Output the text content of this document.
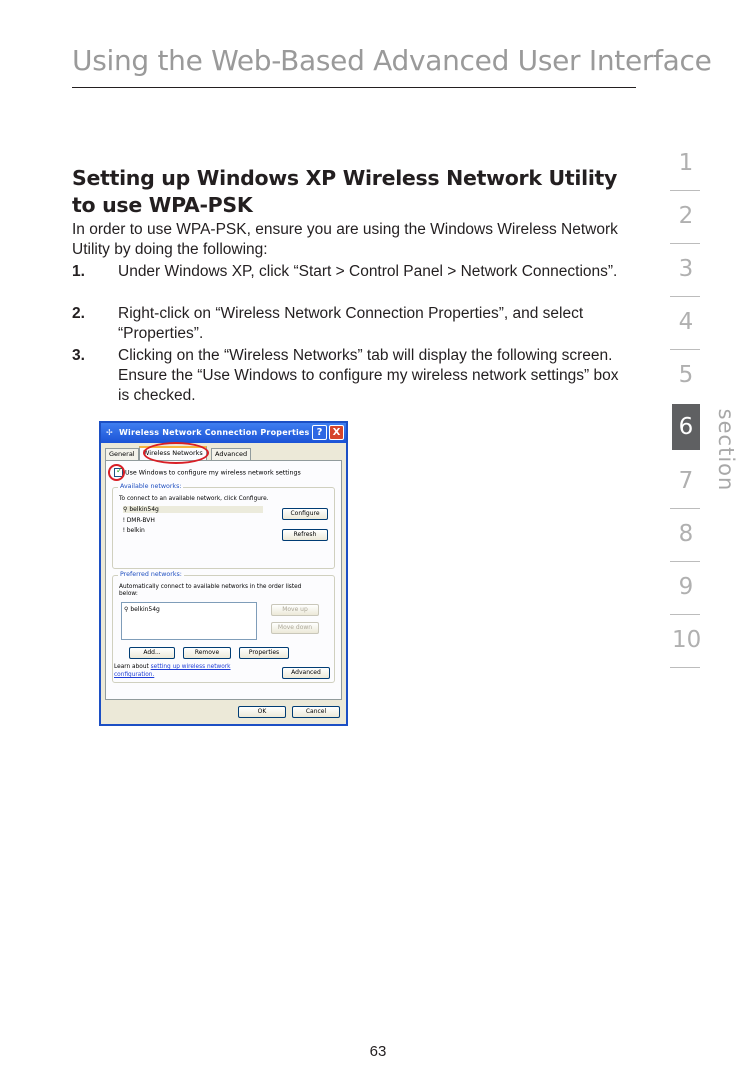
Using the Web-Based Advanced User Interface
Setting up Windows XP Wireless Network Utility to use WPA-PSK
In order to use WPA-PSK, ensure you are using the Windows Wireless Network Utility by doing the following:
1. Under Windows XP, click “Start > Control Panel > Network Connections”.
2. Right-click on “Wireless Network Connection Properties”, and select “Properties”.
3. Clicking on the “Wireless Networks” tab will display the following screen. Ensure the “Use Windows to configure my wireless network settings” box is checked.
✢ Wireless Network Connection Properties ?	X
General	Wireless Networks	Advanced
✓Use Windows to configure my wireless network settings
Available networks:
To connect to an available network, click Configure.
⚲ belkin54g
ǃ DMR-BVH
ǃ belkin
Configure
Refresh
Preferred networks:
Automatically connect to available networks in the order listed
below:
⚲ belkin54g	Move up
Move down
Add...	Remove	Properties
Learn about setting up wireless network
configuration.	Advanced
OK	Cancel
1
2
3
4
5
6
7
8
9
10
section
63
